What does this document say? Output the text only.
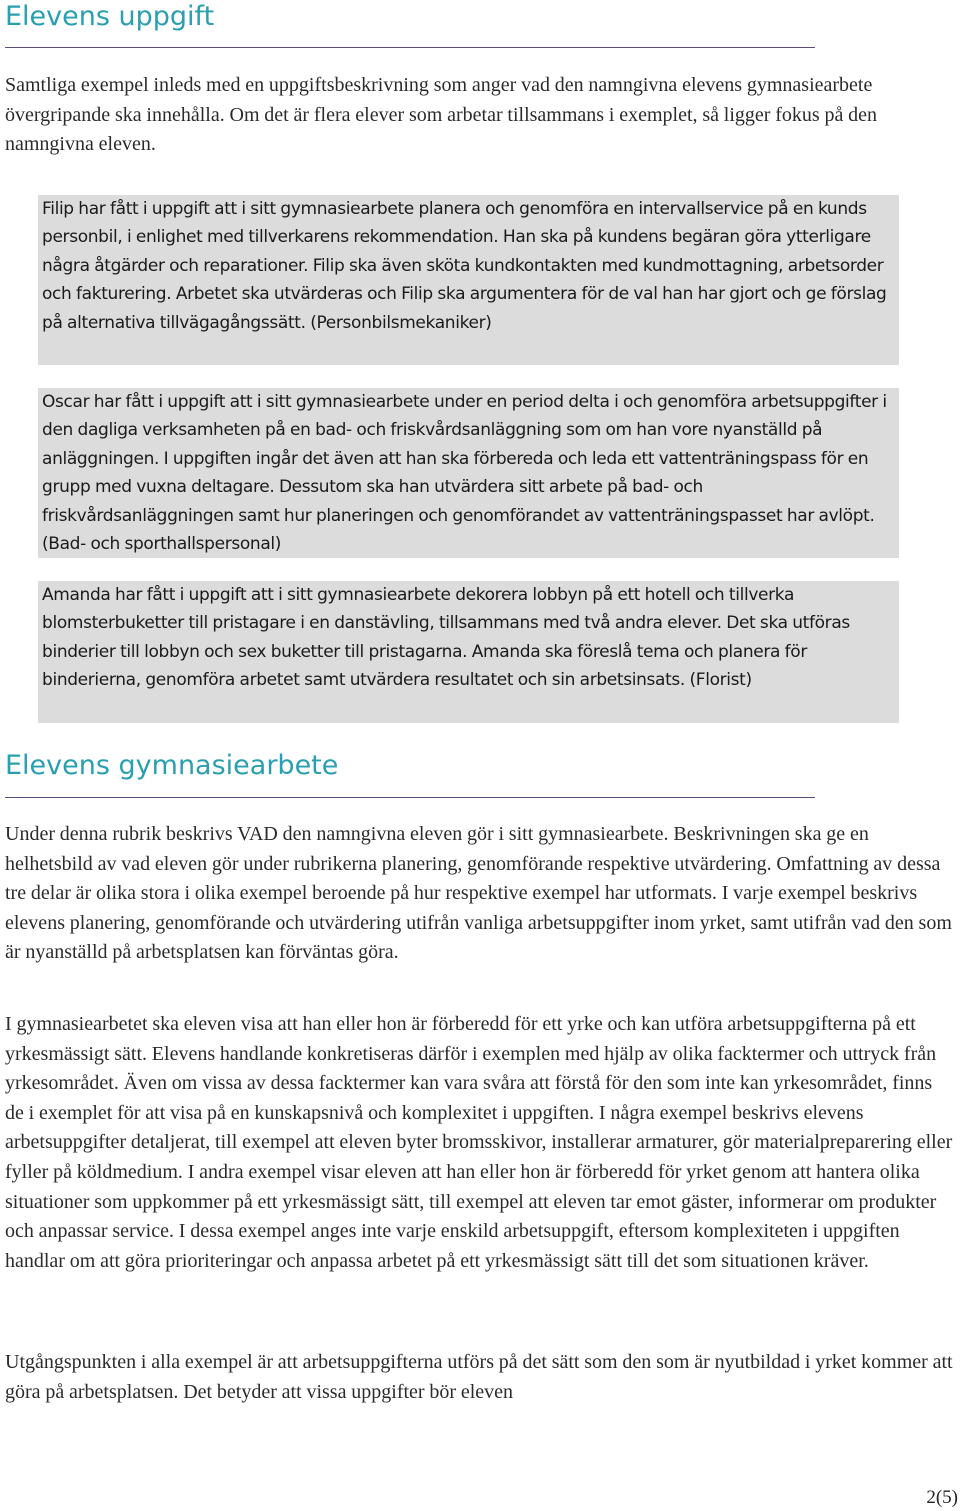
Elevens uppgift

Samtliga exempel inleds med en uppgiftsbeskrivning som anger vad den namngivna elevens gymnasiearbete övergripande ska innehålla. Om det är flera elever som arbetar tillsammans i exemplet, så ligger fokus på den namngivna eleven.

Filip har fått i uppgift att i sitt gymnasiearbete planera och genomföra en intervallservice på en kunds personbil, i enlighet med tillverkarens rekommendation. Han ska på kundens begäran göra ytterligare några åtgärder och reparationer. Filip ska även sköta kundkontakten med kundmottagning, arbetsorder och fakturering. Arbetet ska utvärderas och Filip ska argumentera för de val han har gjort och ge förslag på alternativa tillvägagångssätt. (Personbilsmekaniker)
Oscar har fått i uppgift att i sitt gymnasiearbete under en period delta i och genomföra arbetsuppgifter i den dagliga verksamheten på en bad- och friskvårdsanläggning som om han vore nyanställd på anläggningen. I uppgiften ingår det även att han ska förbereda och leda ett vattenträningspass för en grupp med vuxna deltagare. Dessutom ska han utvärdera sitt arbete på bad- och friskvårdsanläggningen samt hur planeringen och genomförandet av vattenträningspasset har avlöpt. (Bad- och sporthallspersonal)
Amanda har fått i uppgift att i sitt gymnasiearbete dekorera lobbyn på ett hotell och tillverka blomsterbuketter till pristagare i en danstävling, tillsammans med två andra elever. Det ska utföras binderier till lobbyn och sex buketter till pristagarna. Amanda ska föreslå tema och planera för binderierna, genomföra arbetet samt utvärdera resultatet och sin arbetsinsats. (Florist)
Elevens gymnasiearbete

Under denna rubrik beskrivs VAD den namngivna eleven gör i sitt gymnasiearbete. Beskrivningen ska ge en helhetsbild av vad eleven gör under rubrikerna planering, genomförande respektive utvärdering. Omfattning av dessa tre delar är olika stora i olika exempel beroende på hur respektive exempel har utformats. I varje exempel beskrivs elevens planering, genomförande och utvärdering utifrån vanliga arbetsuppgifter inom yrket, samt utifrån vad den som är nyanställd på arbetsplatsen kan förväntas göra.

I gymnasiearbetet ska eleven visa att han eller hon är förberedd för ett yrke och kan utföra arbetsuppgifterna på ett yrkesmässigt sätt. Elevens handlande konkretiseras därför i exemplen med hjälp av olika facktermer och uttryck från yrkesområdet. Även om vissa av dessa facktermer kan vara svåra att förstå för den som inte kan yrkesområdet, finns de i exemplet för att visa på en kunskapsnivå och komplexitet i uppgiften. I några exempel beskrivs elevens arbetsuppgifter detaljerat, till exempel att eleven byter bromsskivor, installerar armaturer, gör materialpreparering eller fyller på köldmedium. I andra exempel visar eleven att han eller hon är förberedd för yrket genom att hantera olika situationer som uppkommer på ett yrkesmässigt sätt, till exempel att eleven tar emot gäster, informerar om produkter och anpassar service. I dessa exempel anges inte varje enskild arbetsuppgift, eftersom komplexiteten i uppgiften handlar om att göra prioriteringar och anpassa arbetet på ett yrkesmässigt sätt till det som situationen kräver.

Utgångspunkten i alla exempel är att arbetsuppgifterna utförs på det sätt som den som är nyutbildad i yrket kommer att göra på arbetsplatsen. Det betyder att vissa uppgifter bör eleven

2(5)
